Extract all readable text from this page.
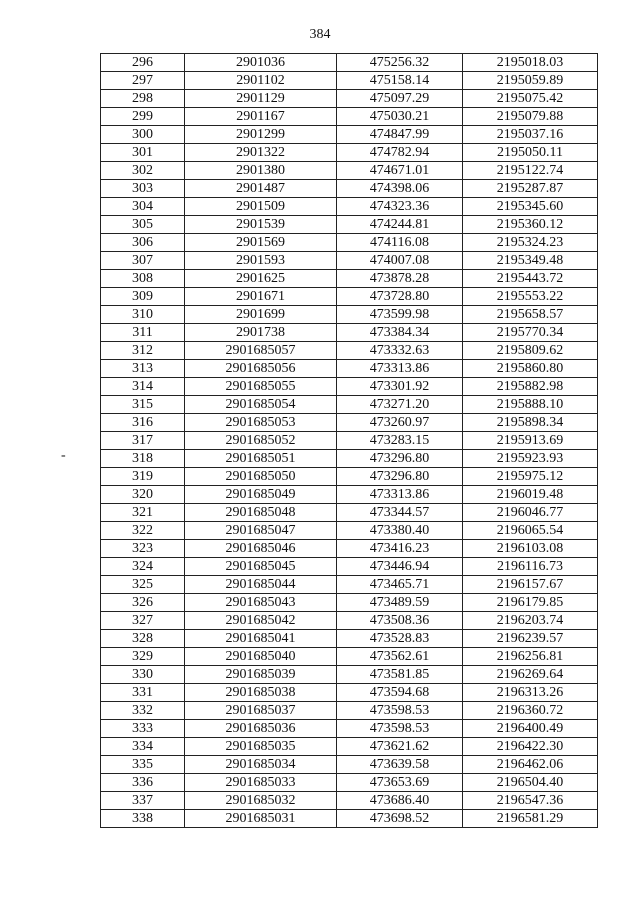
384
-
296	2901036	475256.32	2195018.03
297	2901102	475158.14	2195059.89
298	2901129	475097.29	2195075.42
299	2901167	475030.21	2195079.88
300	2901299	474847.99	2195037.16
301	2901322	474782.94	2195050.11
302	2901380	474671.01	2195122.74
303	2901487	474398.06	2195287.87
304	2901509	474323.36	2195345.60
305	2901539	474244.81	2195360.12
306	2901569	474116.08	2195324.23
307	2901593	474007.08	2195349.48
308	2901625	473878.28	2195443.72
309	2901671	473728.80	2195553.22
310	2901699	473599.98	2195658.57
311	2901738	473384.34	2195770.34
312	2901685057	473332.63	2195809.62
313	2901685056	473313.86	2195860.80
314	2901685055	473301.92	2195882.98
315	2901685054	473271.20	2195888.10
316	2901685053	473260.97	2195898.34
317	2901685052	473283.15	2195913.69
318	2901685051	473296.80	2195923.93
319	2901685050	473296.80	2195975.12
320	2901685049	473313.86	2196019.48
321	2901685048	473344.57	2196046.77
322	2901685047	473380.40	2196065.54
323	2901685046	473416.23	2196103.08
324	2901685045	473446.94	2196116.73
325	2901685044	473465.71	2196157.67
326	2901685043	473489.59	2196179.85
327	2901685042	473508.36	2196203.74
328	2901685041	473528.83	2196239.57
329	2901685040	473562.61	2196256.81
330	2901685039	473581.85	2196269.64
331	2901685038	473594.68	2196313.26
332	2901685037	473598.53	2196360.72
333	2901685036	473598.53	2196400.49
334	2901685035	473621.62	2196422.30
335	2901685034	473639.58	2196462.06
336	2901685033	473653.69	2196504.40
337	2901685032	473686.40	2196547.36
338	2901685031	473698.52	2196581.29
